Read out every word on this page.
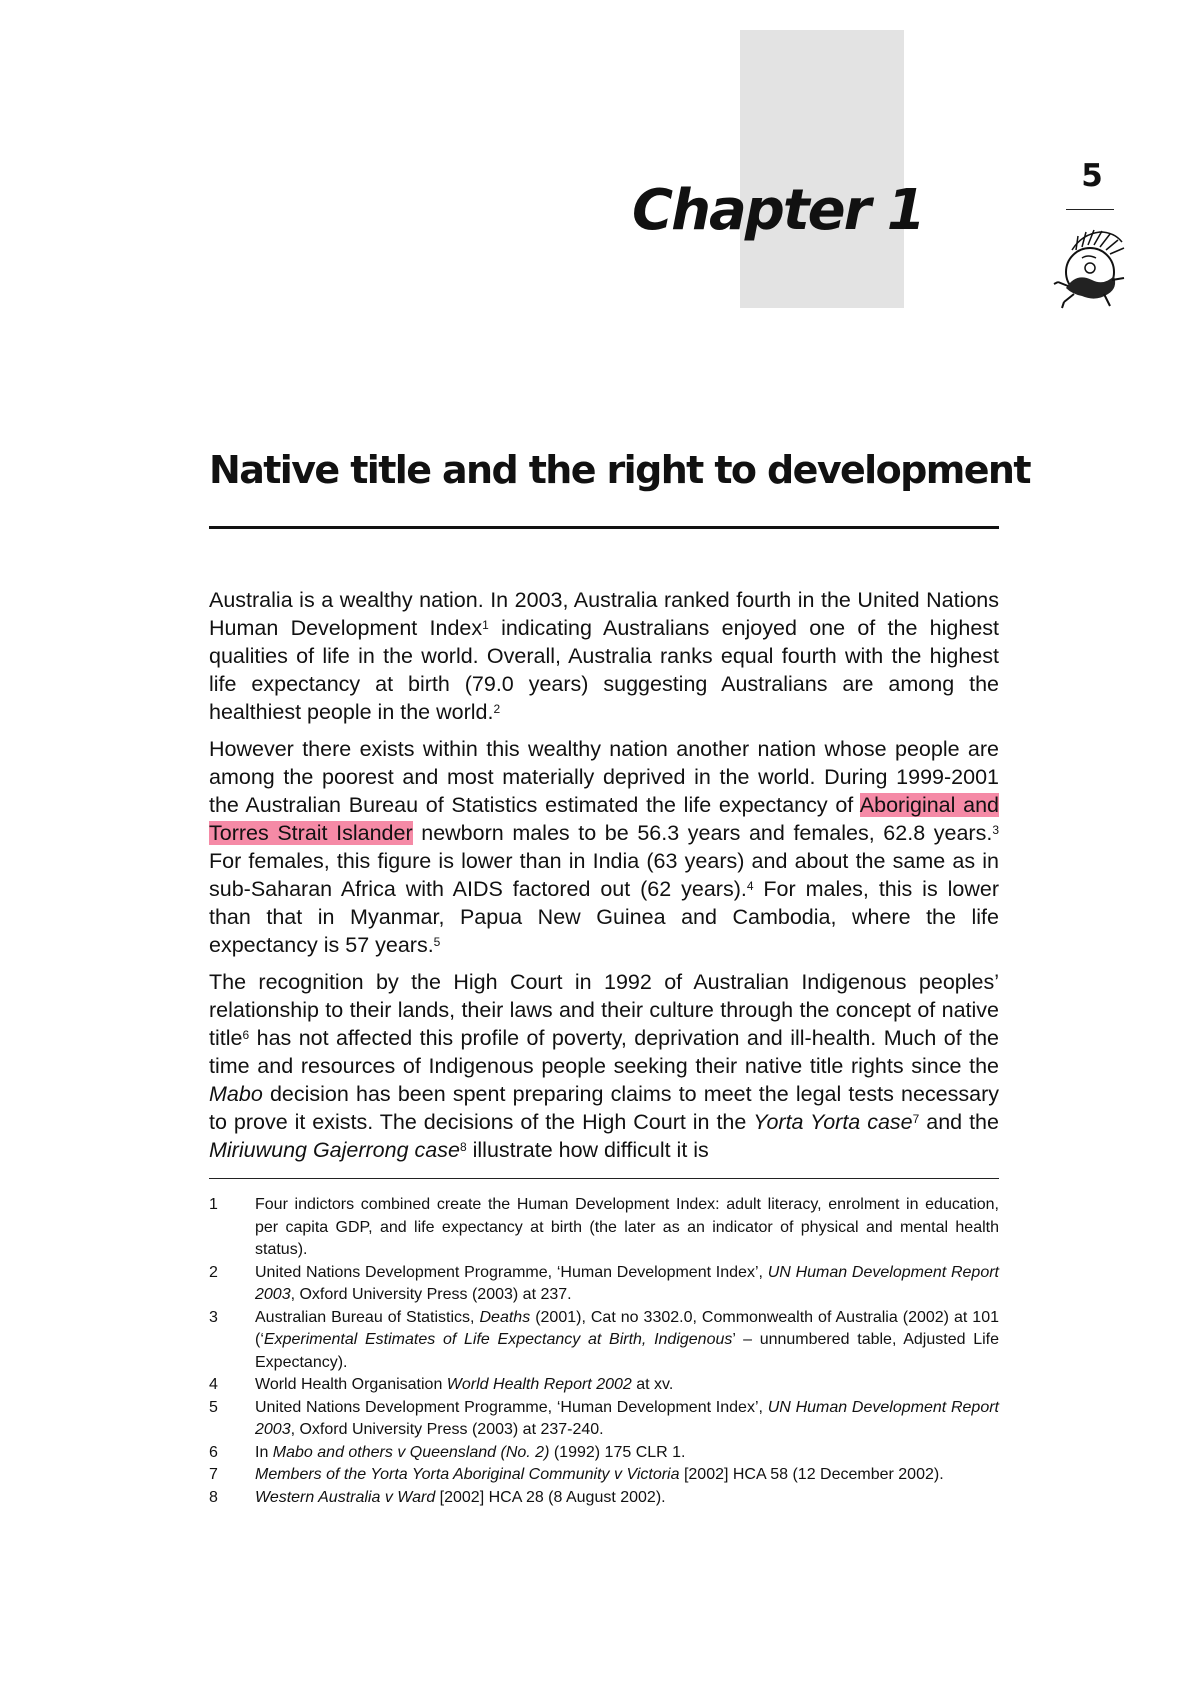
Chapter 1
5
Native title and the right to development

Australia is a wealthy nation. In 2003, Australia ranked fourth in the United Nations Human Development Index$^1$ indicating Australians enjoyed one of the highest qualities of life in the world. Overall, Australia ranks equal fourth with the highest life expectancy at birth (79.0 years) suggesting Australians are among the healthiest people in the world.$^2$

However there exists within this wealthy nation another nation whose people are among the poorest and most materially deprived in the world. During 1999-2001 the Australian Bureau of Statistics estimated the life expectancy of Aboriginal and Torres Strait Islander newborn males to be 56.3 years and females, 62.8 years.$^3$ For females, this figure is lower than in India (63 years) and about the same as in sub-Saharan Africa with AIDS factored out (62 years).$^4$ For males, this is lower than that in Myanmar, Papua New Guinea and Cambodia, where the life expectancy is 57 years.$^5$

The recognition by the High Court in 1992 of Australian Indigenous peoples’ relationship to their lands, their laws and their culture through the concept of native title$^6$ has not affected this profile of poverty, deprivation and ill-health. Much of the time and resources of Indigenous people seeking their native title rights since the Mabo decision has been spent preparing claims to meet the legal tests necessary to prove it exists. The decisions of the High Court in the Yorta Yorta case$^7$ and the Miriuwung Gajerrong case$^8$ illustrate how difficult it is

1	Four indictors combined create the Human Development Index: adult literacy, enrolment in education, per capita GDP, and life expectancy at birth (the later as an indicator of physical and mental health status).
2	United Nations Development Programme, ‘Human Development Index’, UN Human Development Report 2003, Oxford University Press (2003) at 237.
3	Australian Bureau of Statistics, Deaths (2001), Cat no 3302.0, Commonwealth of Australia (2002) at 101 (‘Experimental Estimates of Life Expectancy at Birth, Indigenous’ – unnumbered table, Adjusted Life Expectancy).
4	World Health Organisation World Health Report 2002 at xv.
5	United Nations Development Programme, ‘Human Development Index’, UN Human Development Report 2003, Oxford University Press (2003) at 237-240.
6	In Mabo and others v Queensland (No. 2) (1992) 175 CLR 1.
7	Members of the Yorta Yorta Aboriginal Community v Victoria [2002] HCA 58 (12 December 2002).
8	Western Australia v Ward [2002] HCA 28 (8 August 2002).
